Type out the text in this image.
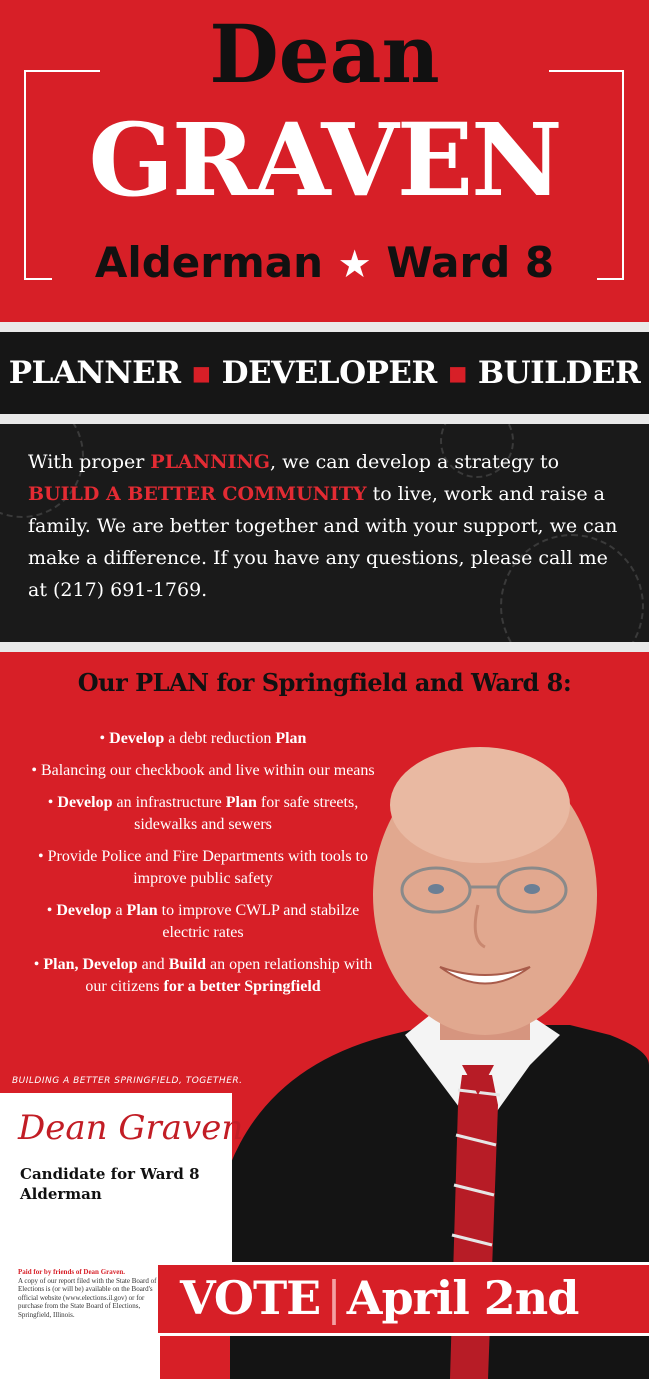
Dean
GRAVEN
Alderman ★ Ward 8
PLANNER ▪ DEVELOPER ▪ BUILDER
With proper PLANNING, we can develop a strategy to BUILD A BETTER COMMUNITY to live, work and raise a family. We are better together and with your support, we can make a difference. If you have any questions, please call me at (217) 691-1769.
Our PLAN for Springfield and Ward 8:

• Develop a debt reduction Plan

• Balancing our checkbook and live within our means

• Develop an infrastructure Plan for safe streets, sidewalks and sewers

• Provide Police and Fire Departments with tools to improve public safety

• Develop a Plan to improve CWLP and stabilze electric rates

• Plan, Develop and Build an open relationship with our citizens for a better Springfield

BUILDING A BETTER SPRINGFIELD, TOGETHER.
Dean Graven
Candidate for Ward 8 Alderman
Paid for by friends of Dean Graven.
A copy of our report filed with the State Board of Elections is (or will be) available on the Board's official website (www.elections.il.gov) or for purchase from the State Board of Elections, Springfield, Illinois.	VOTE | April 2nd
